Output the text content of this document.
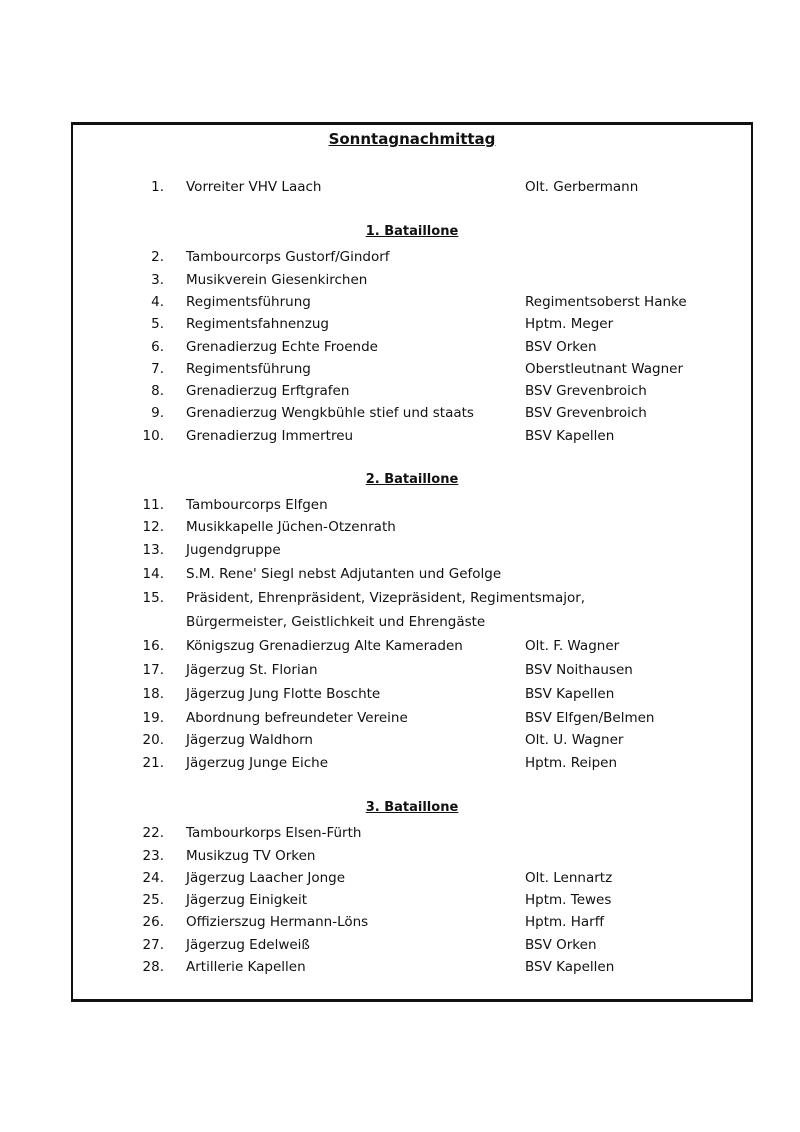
Sonntagnachmittag
1. Vorreiter VHV Laach	Olt. Gerbermann
1. Bataillone
2. Tambourcorps Gustorf/Gindorf
3. Musikverein Giesenkirchen
4. Regimentsführung	Regimentsoberst Hanke
5. Regimentsfahnenzug	Hptm. Meger
6. Grenadierzug Echte Froende	BSV Orken
7. Regimentsführung	Oberstleutnant Wagner
8. Grenadierzug Erftgrafen	BSV Grevenbroich
9. Grenadierzug Wengkbühle stief und staats	BSV Grevenbroich
10. Grenadierzug Immertreu	BSV Kapellen
2. Bataillone
11. Tambourcorps Elfgen
12. Musikkapelle Jüchen-Otzenrath
13. Jugendgruppe
14. S.M. Rene' Siegl nebst Adjutanten und Gefolge
15. Präsident, Ehrenpräsident, Vizepräsident, Regimentsmajor,
Bürgermeister, Geistlichkeit und Ehrengäste
16. Königszug Grenadierzug Alte Kameraden	Olt. F. Wagner
17. Jägerzug St. Florian	BSV Noithausen
18. Jägerzug Jung Flotte Boschte	BSV Kapellen
19. Abordnung befreundeter Vereine	BSV Elfgen/Belmen
20. Jägerzug Waldhorn	Olt. U. Wagner
21. Jägerzug Junge Eiche	Hptm. Reipen
3. Bataillone
22. Tambourkorps Elsen-Fürth
23. Musikzug TV Orken
24. Jägerzug Laacher Jonge	Olt. Lennartz
25. Jägerzug Einigkeit	Hptm. Tewes
26. Offizierszug Hermann-Löns	Hptm. Harff
27. Jägerzug Edelweiß	BSV Orken
28. Artillerie Kapellen	BSV Kapellen
